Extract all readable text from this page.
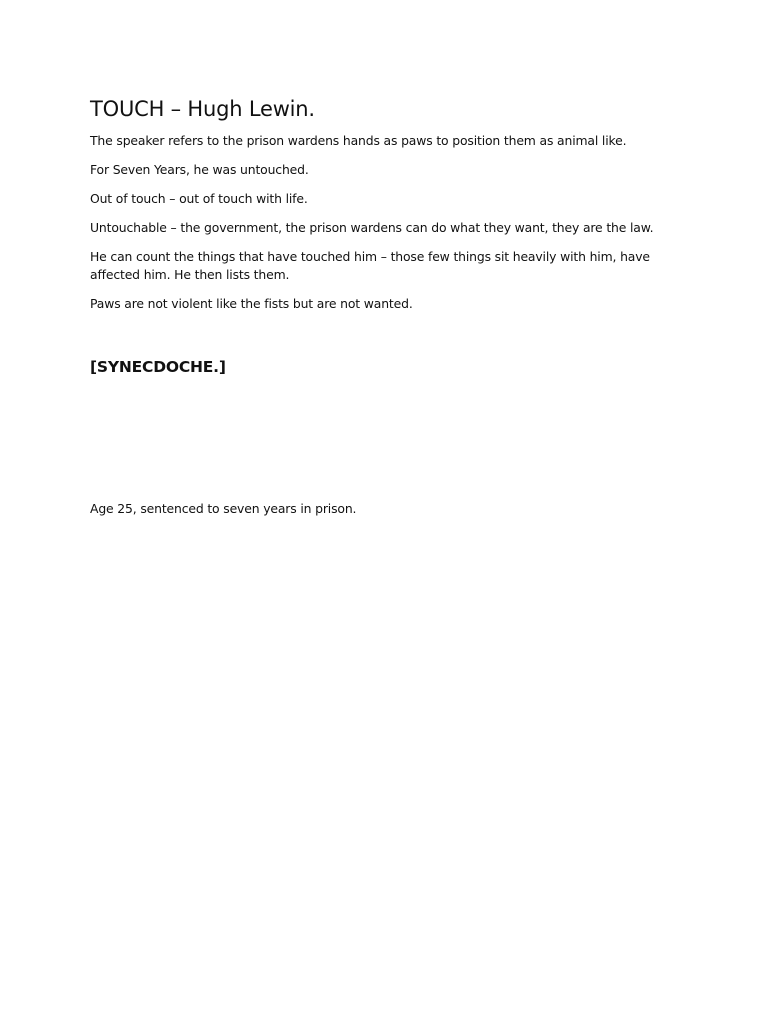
TOUCH – Hugh Lewin.

The speaker refers to the prison wardens hands as paws to position them as animal like.

For Seven Years, he was untouched.

Out of touch – out of touch with life.

Untouchable – the government, the prison wardens can do what they want, they are the law.

He can count the things that have touched him – those few things sit heavily with him, have affected him. He then lists them.

Paws are not violent like the fists but are not wanted.

[SYNECDOCHE.]

Age 25, sentenced to seven years in prison.
